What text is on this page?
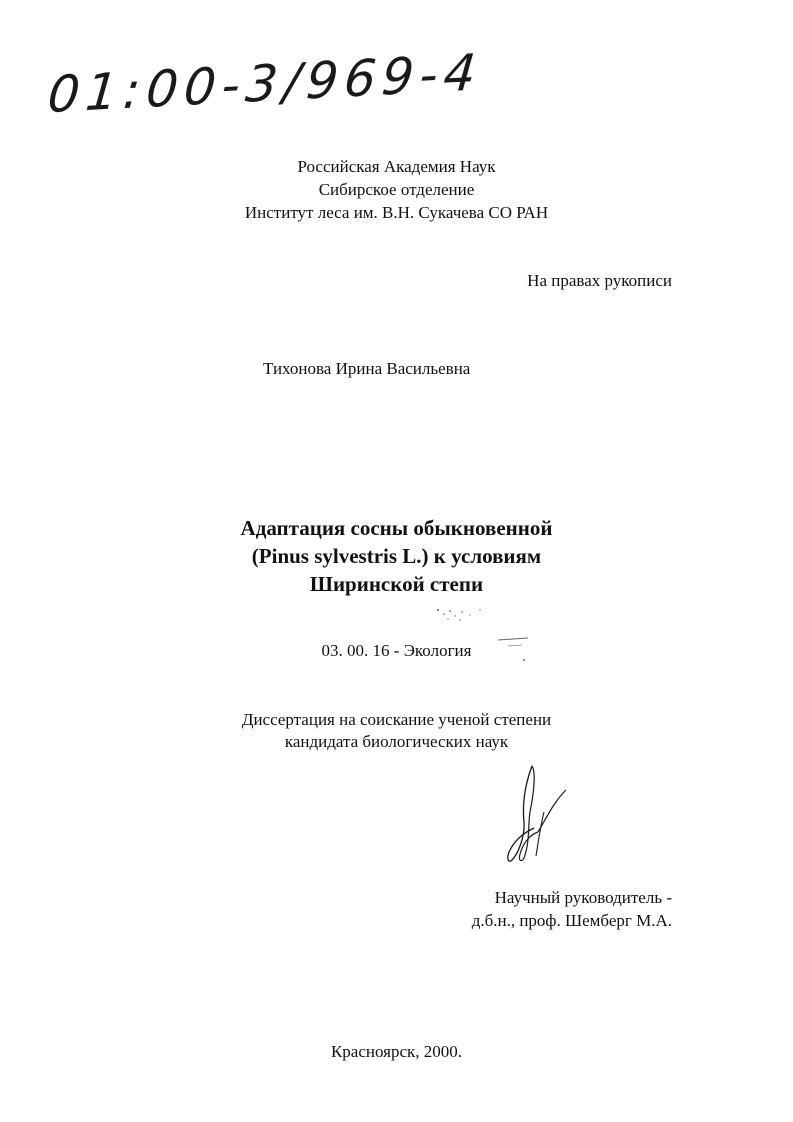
01:00-3/969-4
Российская Академия Наук
Сибирское отделение
Институт леса им. В.Н. Сукачева СО РАН
На правах рукописи
Тихонова Ирина Васильевна
Адаптация сосны обыкновенной
(Pinus sylvestris L.) к условиям
Ширинской степи
03. 00. 16 - Экология
Диссертация на соискание ученой степени
кандидата биологических наук
Научный руководитель -
д.б.н., проф. Шемберг М.А.
Красноярск, 2000.
